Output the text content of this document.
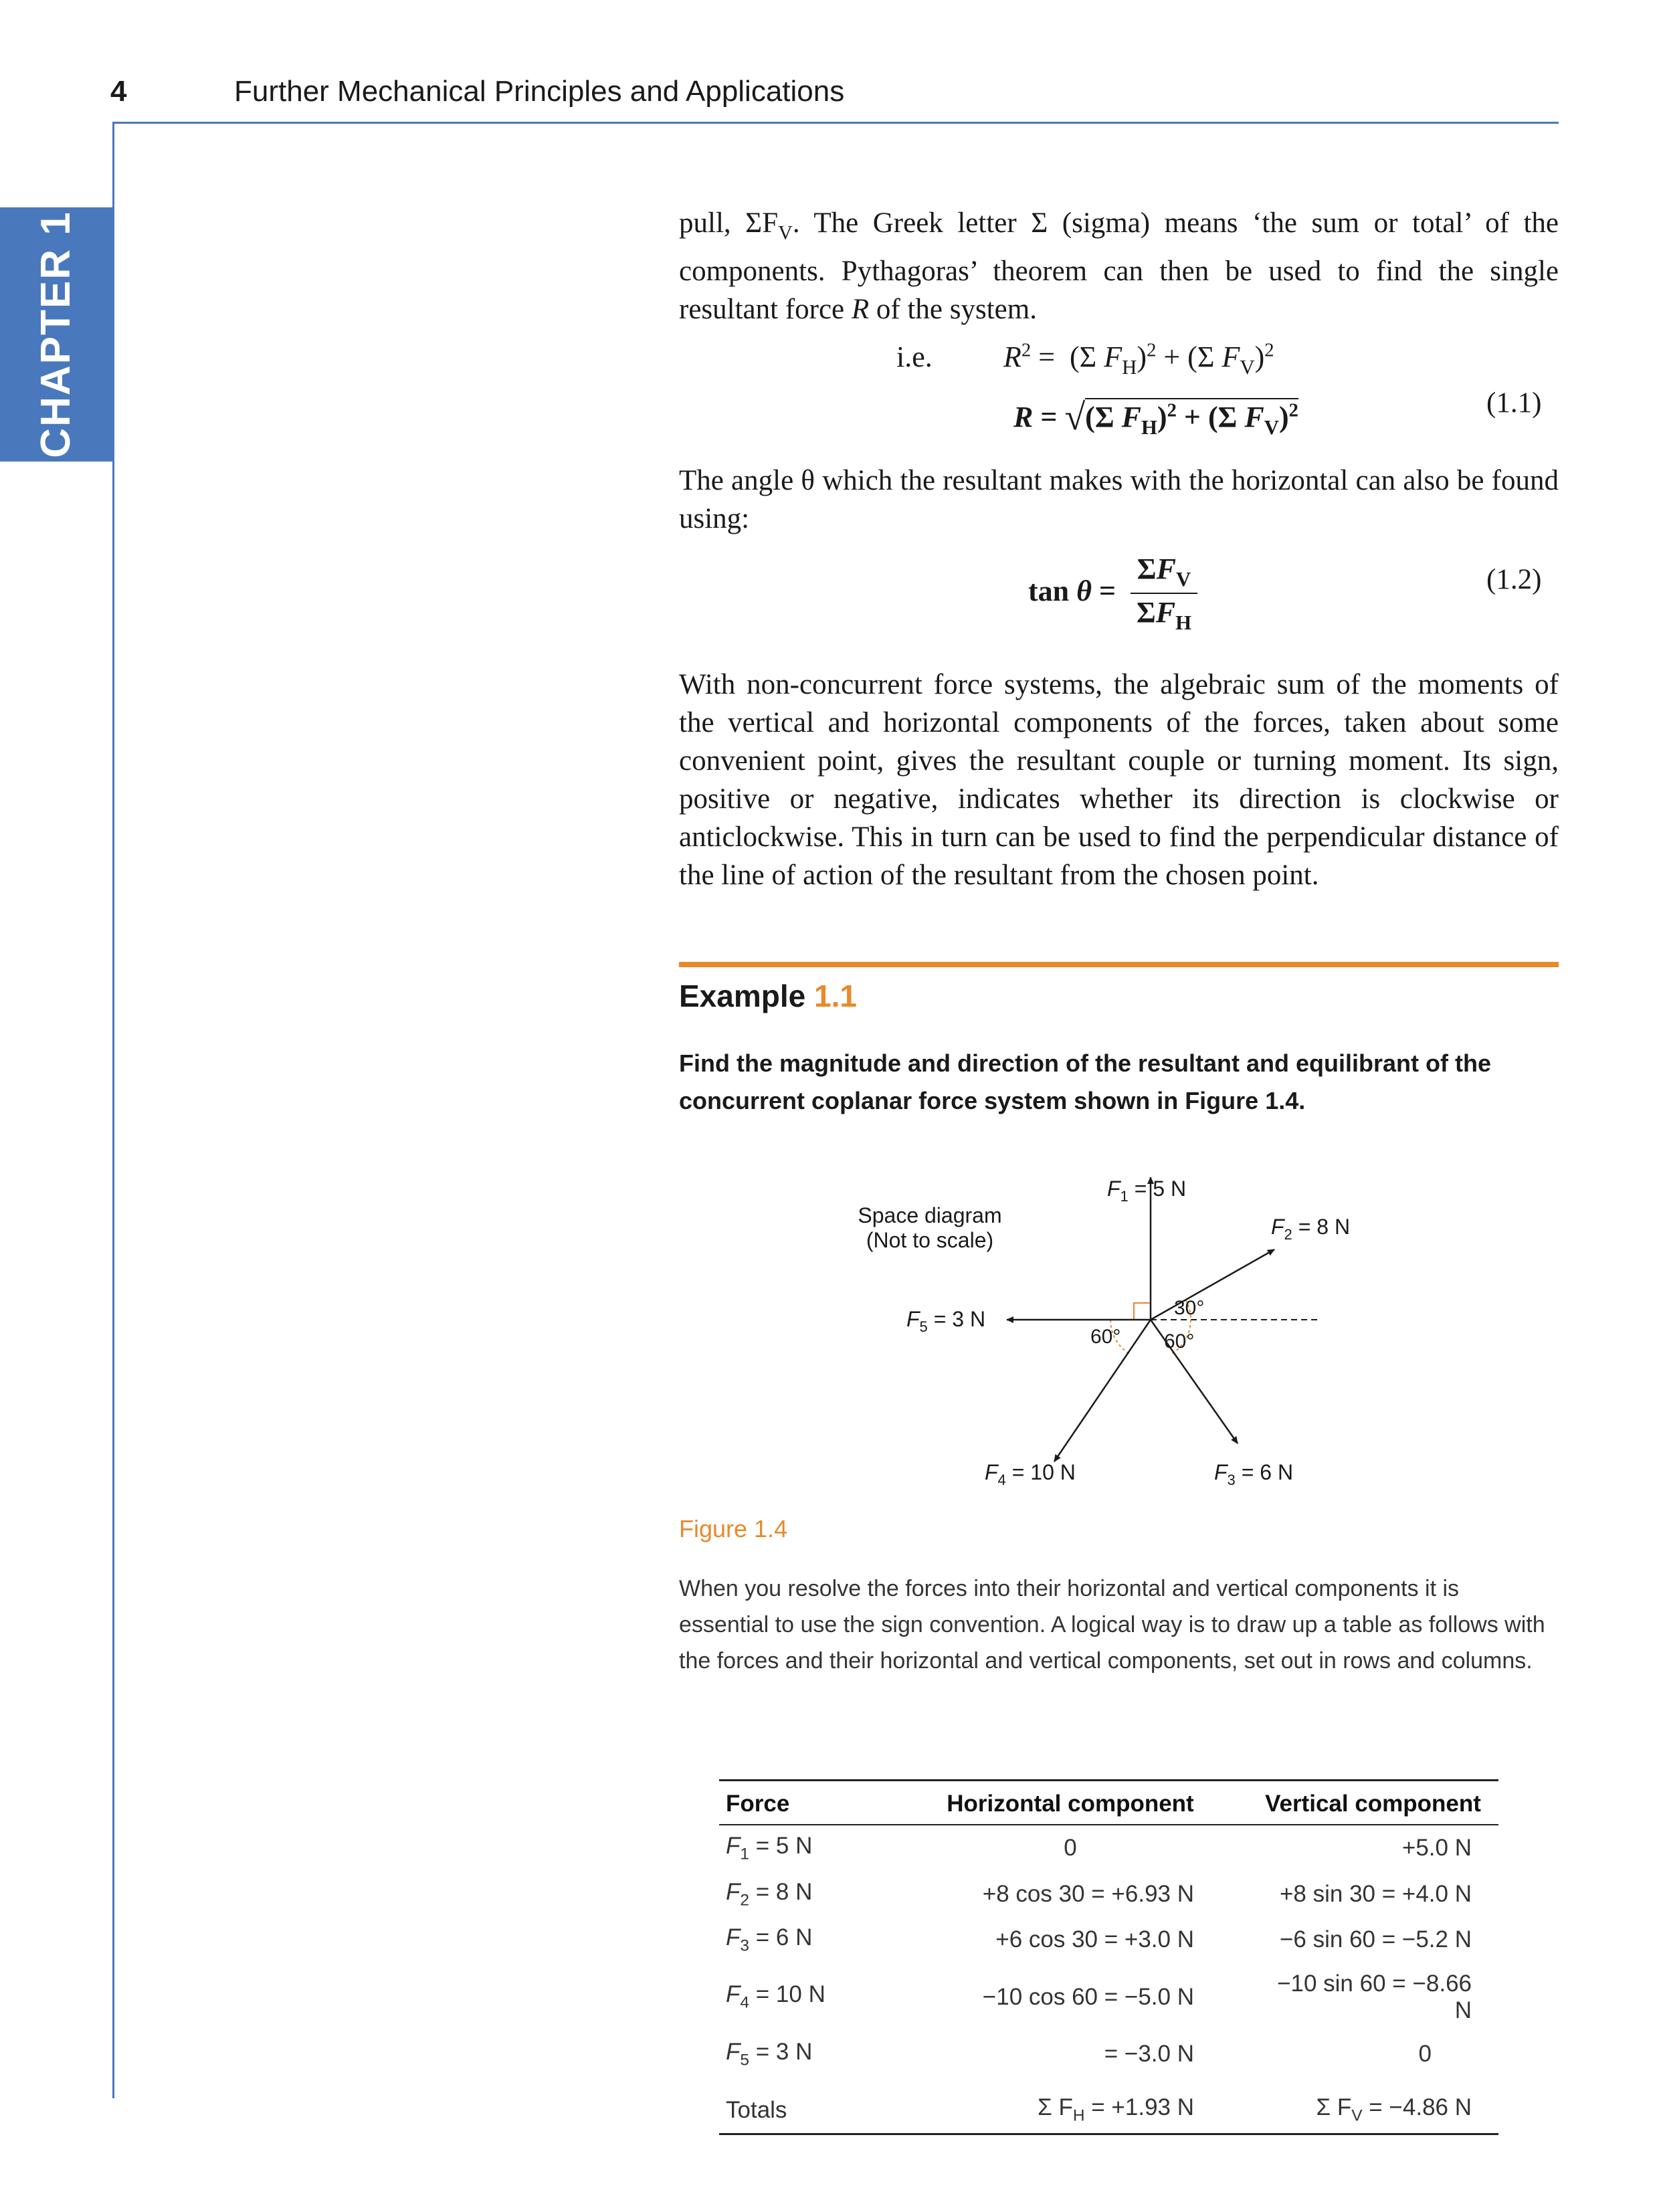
4	Further Mechanical Principles and Applications
CHAPTER 1	pull, $\Sigma F_V$. The Greek letter Σ (sigma) means ‘the sum or total’ of the components. Pythagoras’ theorem can then be used to find the single resultant force R of the system.
i.e. $R^2 = (\Sigma$ $F_H)^2 + (\Sigma$ $F_V)^2$
R = √(Σ $F_H)^2 + (\Sigma$ $F_V)^2$	(1.1)
The angle θ which the resultant makes with the horizontal can also be found using:
tan θ =
$\Sigma F_V$
$\Sigma F_H$
(1.2)
With non-concurrent force systems, the algebraic sum of the moments of the vertical and horizontal components of the forces, taken about some convenient point, gives the resultant couple or turning moment. Its sign, positive or negative, indicates whether its direction is clockwise or anticlockwise. This in turn can be used to find the perpendicular distance of the line of action of the resultant from the chosen point.
Example 1.1
Find the magnitude and direction of the resultant and equilibrant of the concurrent coplanar force system shown in Figure 1.4.
Space diagram
(Not to scale)
$F_1 = 5$ N
$F_2 = 8$ N
$F_3 = 6$ N
$F_4 = 10$ N
$F_5 = 3$ N	30°
60° 60°
Figure 1.4
When you resolve the forces into their horizontal and vertical components it is essential to use the sign convention. A logical way is to draw up a table as follows with the forces and their horizontal and vertical components, set out in rows and columns.
Force	Horizontal component	Vertical component
$F_1 = 5$ N	0	+5.0 N
$F_2 = 8$ N	+8 cos 30 = +6.93 N	+8 sin 30 = +4.0 N
$F_3 = 6$ N	+6 cos 30 = +3.0 N	−6 sin 60 = −5.2 N
$F_4 = 10$ N	−10 cos 60 = −5.0 N	−10 sin 60 = −8.66 N
$F_5 = 3$ N	= −3.0 N	0
Totals	Σ $F_H = +1.93$ N	Σ $F_V = -4.86$ N
